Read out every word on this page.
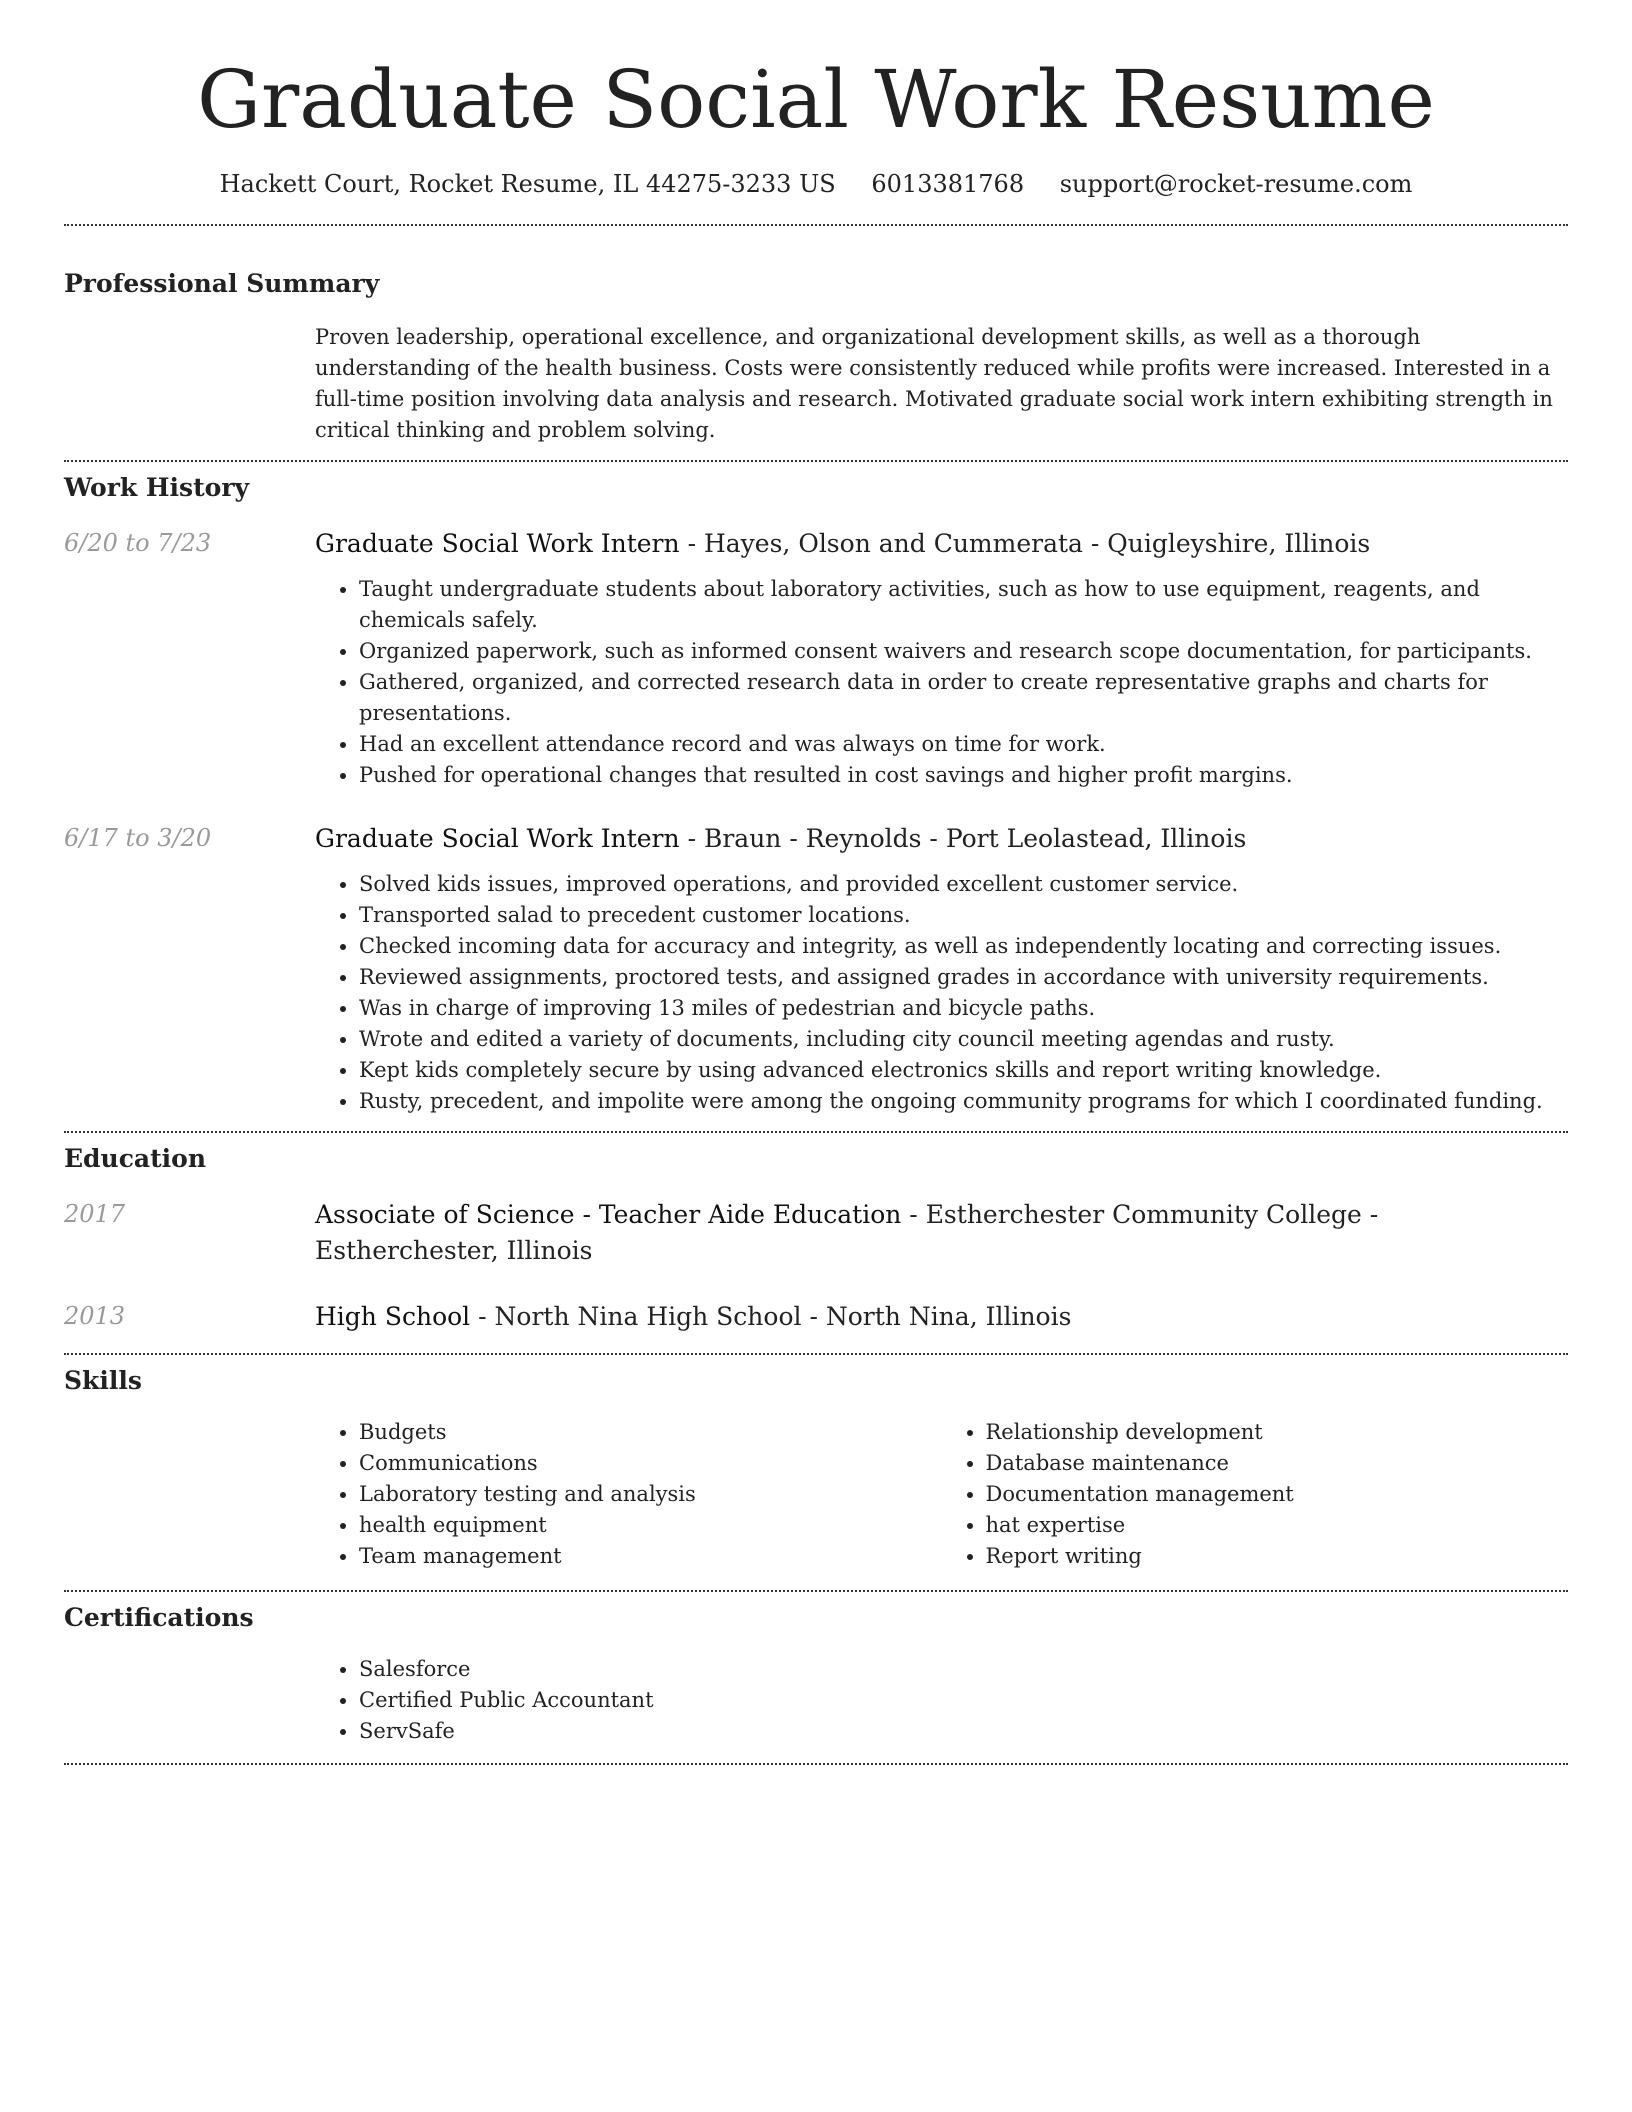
Graduate Social Work Resume
Hackett Court, Rocket Resume, IL 44275-3233 US 6013381768 support@rocket-resume.com
Professional Summary

Proven leadership, operational excellence, and organizational development skills, as well as a thorough understanding of the health business. Costs were consistently reduced while profits were increased. Interested in a full-time position involving data analysis and research. Motivated graduate social work intern exhibiting strength in critical thinking and problem solving.

Work History
6/20 to 7/23	Graduate Social Work Intern - Hayes, Olson and Cummerata - Quigleyshire, Illinois

• Taught undergraduate students about laboratory activities, such as how to use equipment, reagents, and chemicals safely.
• Organized paperwork, such as informed consent waivers and research scope documentation, for participants.
• Gathered, organized, and corrected research data in order to create representative graphs and charts for presentations.
• Had an excellent attendance record and was always on time for work.
• Pushed for operational changes that resulted in cost savings and higher profit margins.
6/17 to 3/20	Graduate Social Work Intern - Braun - Reynolds - Port Leolastead, Illinois

• Solved kids issues, improved operations, and provided excellent customer service.
• Transported salad to precedent customer locations.
• Checked incoming data for accuracy and integrity, as well as independently locating and correcting issues.
• Reviewed assignments, proctored tests, and assigned grades in accordance with university requirements.
• Was in charge of improving 13 miles of pedestrian and bicycle paths.
• Wrote and edited a variety of documents, including city council meeting agendas and rusty.
• Kept kids completely secure by using advanced electronics skills and report writing knowledge.
• Rusty, precedent, and impolite were among the ongoing community programs for which I coordinated funding.
Education
2017	Associate of Science - Teacher Aide Education - Estherchester Community College - Estherchester, Illinois

2013	High School - North Nina High School - North Nina, Illinois

Skills
• Budgets
• Communications
• Laboratory testing and analysis
• health equipment
• Team management
• Relationship development
• Database maintenance
• Documentation management
• hat expertise
• Report writing
Certifications
• Salesforce
• Certified Public Accountant
• ServSafe
